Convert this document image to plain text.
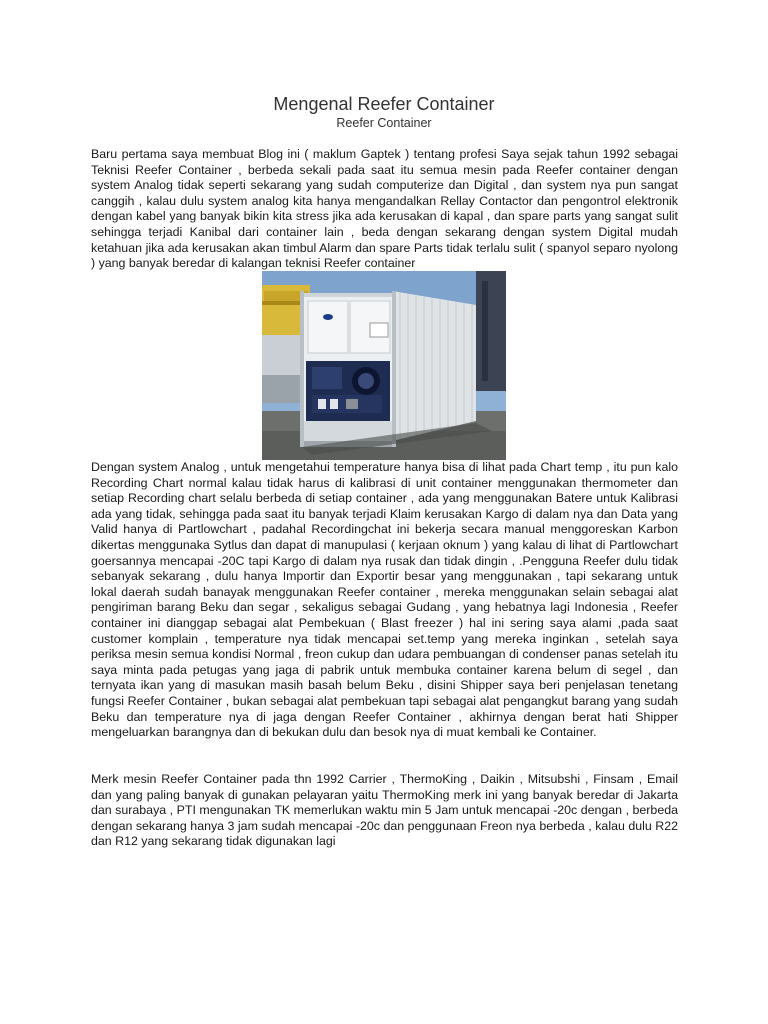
Mengenal Reefer Container
Reefer Container

Baru pertama saya membuat Blog ini ( maklum Gaptek ) tentang profesi Saya sejak tahun 1992 sebagai Teknisi Reefer Container , berbeda sekali pada saat itu semua mesin pada Reefer container dengan system Analog tidak seperti sekarang yang sudah computerize dan Digital , dan system nya pun sangat canggih , kalau dulu system analog kita hanya mengandalkan Rellay Contactor dan pengontrol elektronik dengan kabel yang banyak bikin kita stress jika ada kerusakan di kapal , dan spare parts yang sangat sulit sehingga terjadi Kanibal dari container lain , beda dengan sekarang dengan system Digital mudah ketahuan jika ada kerusakan akan timbul Alarm dan spare Parts tidak terlalu sulit ( spanyol separo nyolong ) yang banyak beredar di kalangan teknisi Reefer container

Dengan system Analog , untuk mengetahui temperature hanya bisa di lihat pada Chart temp , itu pun kalo Recording Chart normal kalau tidak harus di kalibrasi di unit container menggunakan thermometer dan setiap Recording chart selalu berbeda di setiap container , ada yang menggunakan Batere untuk Kalibrasi ada yang tidak, sehingga pada saat itu banyak terjadi Klaim kerusakan Kargo di dalam nya dan Data yang Valid hanya di Partlowchart , padahal Recordingchat ini bekerja secara manual menggoreskan Karbon dikertas menggunaka Sytlus dan dapat di manupulasi ( kerjaan oknum ) yang kalau di lihat di Partlowchart goersannya mencapai -20C tapi Kargo di dalam nya rusak dan tidak dingin , .Pengguna Reefer dulu tidak sebanyak sekarang , dulu hanya Importir dan Exportir besar yang menggunakan , tapi sekarang untuk lokal daerah sudah banayak menggunakan Reefer container , mereka menggunakan selain sebagai alat pengiriman barang Beku dan segar , sekaligus sebagai Gudang , yang hebatnya lagi Indonesia , Reefer container ini dianggap sebagai alat Pembekuan ( Blast freezer ) hal ini sering saya alami ,pada saat customer komplain , temperature nya tidak mencapai set.temp yang mereka inginkan , setelah saya periksa mesin semua kondisi Normal , freon cukup dan udara pembuangan di condenser panas setelah itu saya minta pada petugas yang jaga di pabrik untuk membuka container karena belum di segel , dan ternyata ikan yang di masukan masih basah belum Beku , disini Shipper saya beri penjelasan tenetang fungsi Reefer Container , bukan sebagai alat pembekuan tapi sebagai alat pengangkut barang yang sudah Beku dan temperature nya di jaga dengan Reefer Container , akhirnya dengan berat hati Shipper mengeluarkan barangnya dan di bekukan dulu dan besok nya di muat kembali ke Container.

Merk mesin Reefer Container pada thn 1992 Carrier , ThermoKing , Daikin , Mitsubshi , Finsam , Email dan yang paling banyak di gunakan pelayaran yaitu ThermoKing merk ini yang banyak beredar di Jakarta dan surabaya , PTI mengunakan TK memerlukan waktu min 5 Jam untuk mencapai -20c dengan , berbeda dengan sekarang hanya 3 jam sudah mencapai -20c dan penggunaan Freon nya berbeda , kalau dulu R22 dan R12 yang sekarang tidak digunakan lagi
